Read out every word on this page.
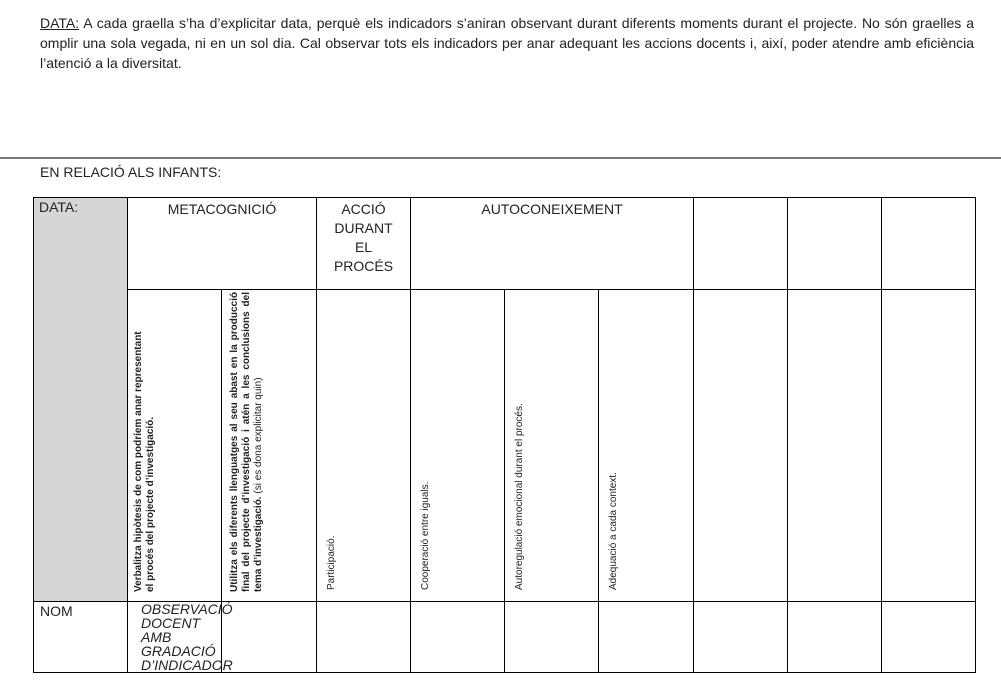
DATA: A cada graella s’ha d’explicitar data, perquè els indicadors s’aniran observant durant diferents moments durant el projecte. No són graelles a omplir una sola vegada, ni en un sol dia. Cal observar tots els indicadors per anar adequant les accions docents i, així, poder atendre amb eficiència l’atenció a la diversitat.
EN RELACIÓ ALS INFANTS:
DATA:	METACOGNICIÓ		ACCIÓ DURANT EL PROCÉS	AUTOCONEIXEMENT					

	Verbalitza hipòtesis de com podríem anar representant el procés del projecte d’investigació.	Utilitza els diferents llenguatges al seu abast en la producció final del projecte d’investigació i atén a les conclusions del tema d’investigació. (si es dona explicitar quin)	Participació.	Cooperació entre iguals.	Autoregulació emocional durant el procés.	Adequació a cada context.			

NOM	OBSERVACIÓ DOCENT AMB GRADACIÓ D’INDICADOR								
